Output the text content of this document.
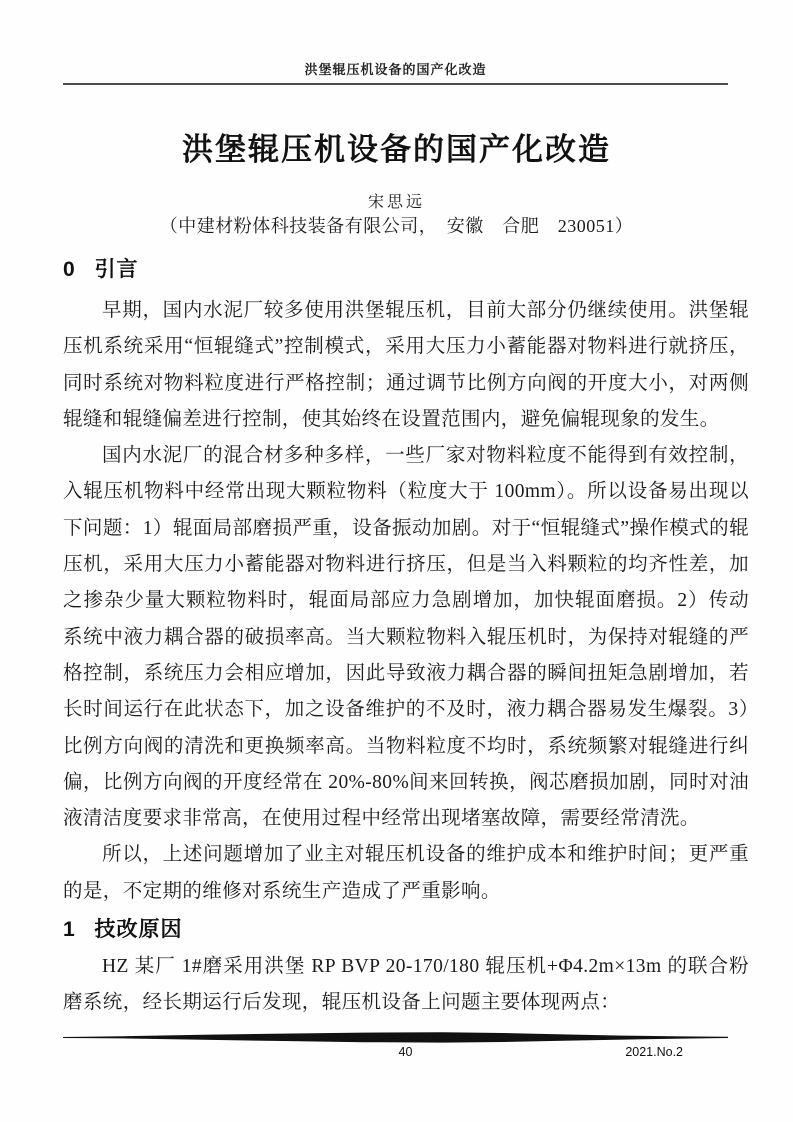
洪堡辊压机设备的国产化改造
洪堡辊压机设备的国产化改造
宋思远
（中建材粉体科技装备有限公司，　安徽　合肥　230051）
0 引言

早期，国内水泥厂较多使用洪堡辊压机，目前大部分仍继续使用。洪堡辊压机系统采用“恒辊缝式”控制模式，采用大压力小蓄能器对物料进行就挤压，同时系统对物料粒度进行严格控制；通过调节比例方向阀的开度大小，对两侧辊缝和辊缝偏差进行控制，使其始终在设置范围内，避免偏辊现象的发生。

国内水泥厂的混合材多种多样，一些厂家对物料粒度不能得到有效控制，入辊压机物料中经常出现大颗粒物料（粒度大于 100mm）。所以设备易出现以下问题：1）辊面局部磨损严重，设备振动加剧。对于“恒辊缝式”操作模式的辊压机，采用大压力小蓄能器对物料进行挤压，但是当入料颗粒的均齐性差，加之掺杂少量大颗粒物料时，辊面局部应力急剧增加，加快辊面磨损。2）传动系统中液力耦合器的破损率高。当大颗粒物料入辊压机时，为保持对辊缝的严格控制，系统压力会相应增加，因此导致液力耦合器的瞬间扭矩急剧增加，若长时间运行在此状态下，加之设备维护的不及时，液力耦合器易发生爆裂。3）比例方向阀的清洗和更换频率高。当物料粒度不均时，系统频繁对辊缝进行纠偏，比例方向阀的开度经常在 20%-80%间来回转换，阀芯磨损加剧，同时对油液清洁度要求非常高，在使用过程中经常出现堵塞故障，需要经常清洗。

所以，上述问题增加了业主对辊压机设备的维护成本和维护时间；更严重的是，不定期的维修对系统生产造成了严重影响。

1 技改原因

HZ 某厂 1#磨采用洪堡 RP BVP 20-170/180 辊压机+Φ4.2m×13m 的联合粉磨系统，经长期运行后发现，辊压机设备上问题主要体现两点：

40	2021.No.2
